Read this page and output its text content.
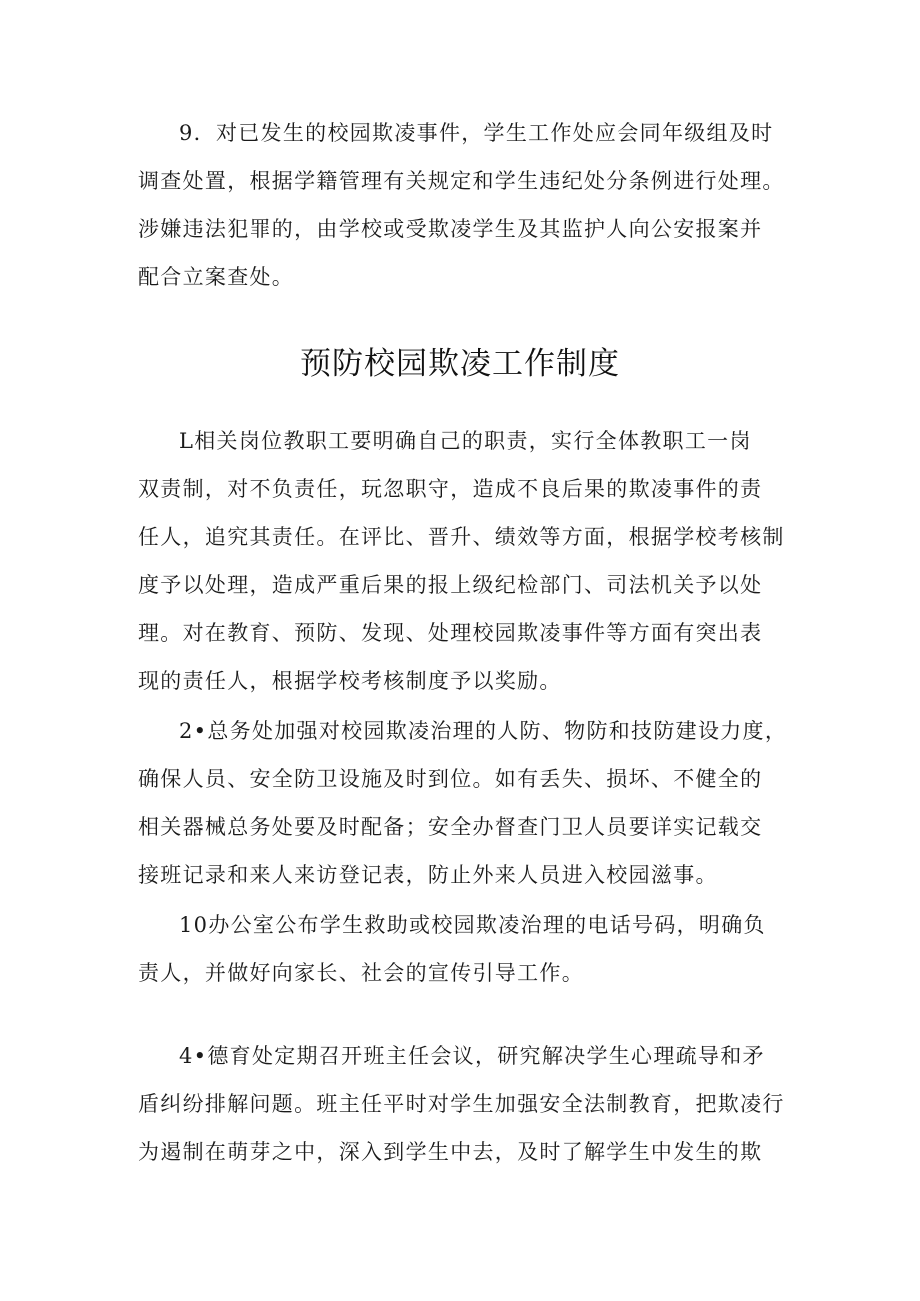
9．对已发生的校园欺凌事件，学生工作处应会同年级组及时
调查处置，根据学籍管理有关规定和学生违纪处分条例进行处理。
涉嫌违法犯罪的，由学校或受欺凌学生及其监护人向公安报案并
配合立案查处。
预防校园欺凌工作制度
L相关岗位教职工要明确自己的职责，实行全体教职工一岗
双责制，对不负责任，玩忽职守，造成不良后果的欺凌事件的责
任人，追究其责任。在评比、晋升、绩效等方面，根据学校考核制
度予以处理，造成严重后果的报上级纪检部门、司法机关予以处
理。对在教育、预防、发现、处理校园欺凌事件等方面有突出表
现的责任人，根据学校考核制度予以奖励。
2•总务处加强对校园欺凌治理的人防、物防和技防建设力度，
确保人员、安全防卫设施及时到位。如有丢失、损坏、不健全的
相关器械总务处要及时配备；安全办督查门卫人员要详实记载交
接班记录和来人来访登记表，防止外来人员进入校园滋事。
10办公室公布学生救助或校园欺凌治理的电话号码，明确负
责人，并做好向家长、社会的宣传引导工作。
4•德育处定期召开班主任会议，研究解决学生心理疏导和矛
盾纠纷排解问题。班主任平时对学生加强安全法制教育，把欺凌行
为遏制在萌芽之中，深入到学生中去，及时了解学生中发生的欺
